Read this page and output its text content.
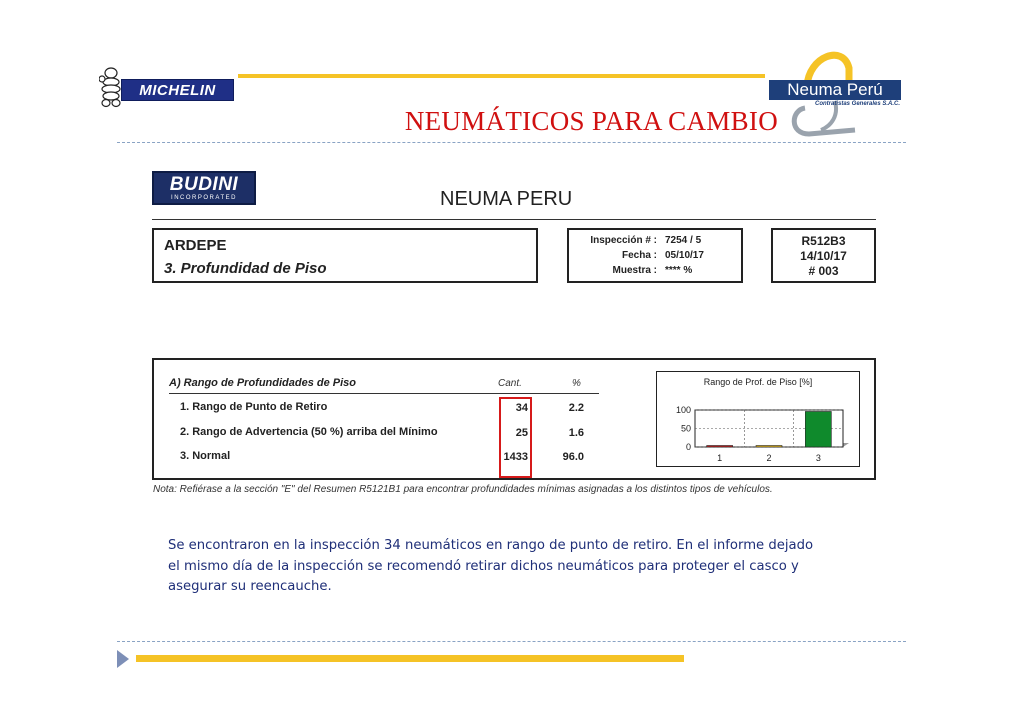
MICHELIN	Neuma Perú
Contratistas Generales S.A.C.
NEUMÁTICOS PARA CAMBIO
BUDINI
INCORPORATED	NEUMA PERU
ARDEPE
3. Profundidad de Piso
Inspección # : 7254 / 5
Fecha : 05/10/17
Muestra : **** %
R512B3
14/10/17
# 003
A) Rango de Profundidades de Piso	Cant.	%
1. Rango de Punto de Retiro	34	2.2
2. Rango de Advertencia (50 %) arriba del Mínimo	25	1.6
3. Normal	1433	96.0
Rango de Prof. de Piso [%]
100
50
0
1	2	3
Nota: Refiérase a la sección "E" del Resumen R5121B1 para encontrar profundidades mínimas asignadas a los distintos tipos de vehículos.
Se encontraron en la inspección 34 neumáticos en rango de punto de retiro. En el informe dejado el mismo día de la inspección se recomendó retirar dichos neumáticos para proteger el casco y asegurar su reencauche.
